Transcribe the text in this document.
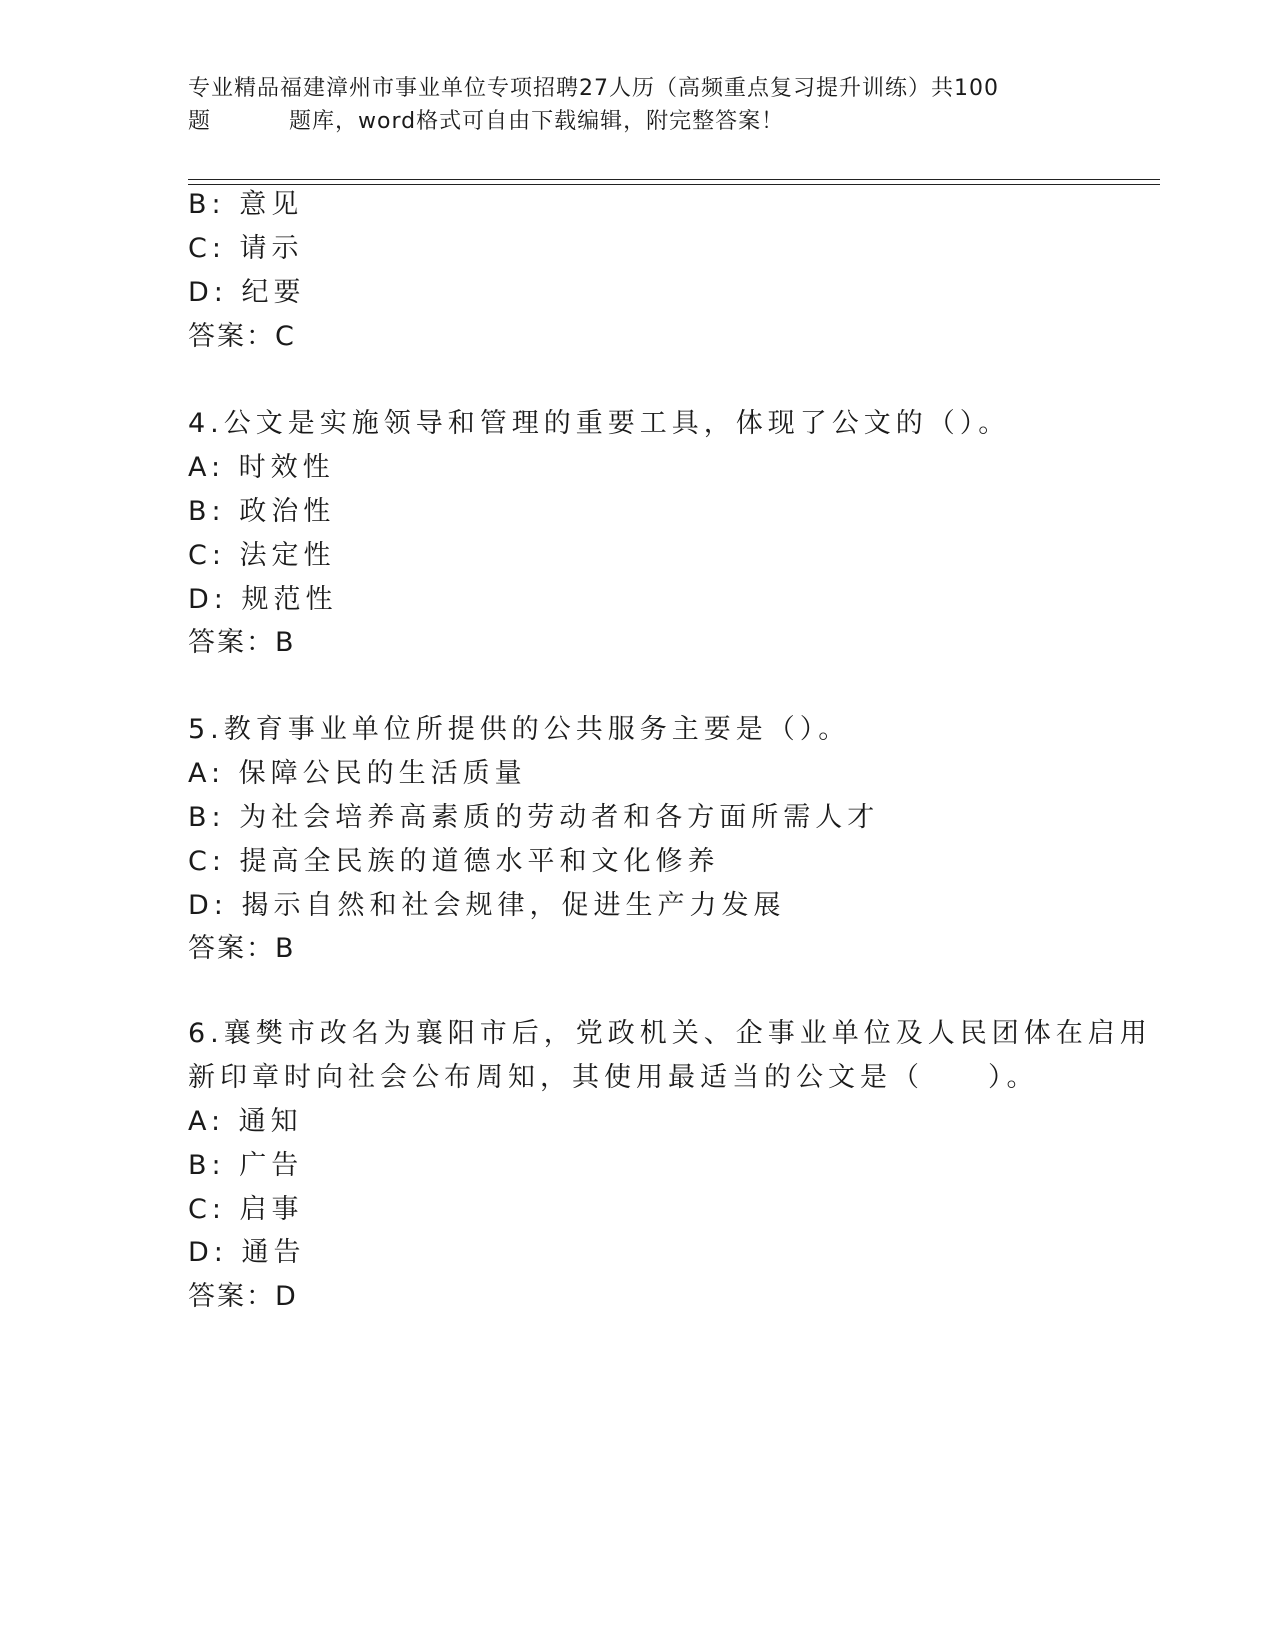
专业精品福建漳州市事业单位专项招聘27人历（高频重点复习提升训练）共100
题	题库，word格式可自由下载编辑，附完整答案！
B: 意见
C: 请示
D: 纪要
答案：C
4.公文是实施领导和管理的重要工具，体现了公文的（）。
A: 时效性
B: 政治性
C: 法定性
D: 规范性
答案：B
5.教育事业单位所提供的公共服务主要是（）。
A: 保障公民的生活质量
B: 为社会培养高素质的劳动者和各方面所需人才
C: 提高全民族的道德水平和文化修养
D: 揭示自然和社会规律，促进生产力发展
答案：B
6.襄樊市改名为襄阳市后，党政机关、企事业单位及人民团体在启用
新印章时向社会公布周知，其使用最适当的公文是（　　）。
A: 通知
B: 广告
C: 启事
D: 通告
答案：D
